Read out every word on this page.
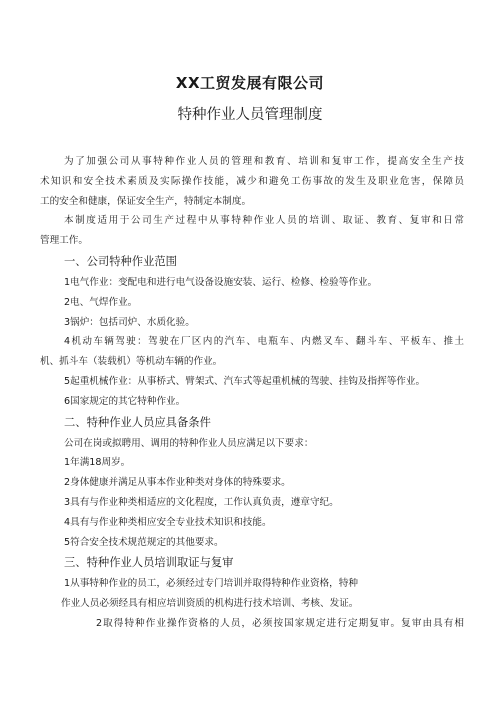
XX工贸发展有限公司
特种作业人员管理制度
为了加强公司从事特种作业人员的管理和教育、培训和复审工作，提高安全生产技
术知识和安全技术素质及实际操作技能，减少和避免工伤事故的发生及职业危害，保障员
工的安全和健康，保证安全生产，特制定本制度。
本制度适用于公司生产过程中从事特种作业人员的培训、取证、教育、复审和日常
管理工作。
一、公司特种作业范围
1电气作业：变配电和进行电气设备设施安装、运行、检修、检验等作业。
2电、气焊作业。
3锅炉：包括司炉、水质化验。
4机动车辆驾驶：驾驶在厂区内的汽车、电瓶车、内燃叉车、翻斗车、平板车、推土
机、抓斗车（装载机）等机动车辆的作业。
5起重机械作业：从事桥式、臂架式、汽车式等起重机械的驾驶、挂钩及指挥等作业。
6国家规定的其它特种作业。
二、特种作业人员应具备条件
公司在岗或拟聘用、调用的特种作业人员应满足以下要求：
1年满18周岁。
2身体健康并满足从事本作业种类对身体的特殊要求。
3具有与作业种类相适应的文化程度，工作认真负责，遵章守纪。
4具有与作业种类相应安全专业技术知识和技能。
5符合安全技术规范规定的其他要求。
三、特种作业人员培训取证与复审
1从事特种作业的员工，必须经过专门培训并取得特种作业资格，特种
作业人员必须经具有相应培训资质的机构进行技术培训、考核、发证。
2取得特种作业操作资格的人员，必须按国家规定进行定期复审。复审由具有相
